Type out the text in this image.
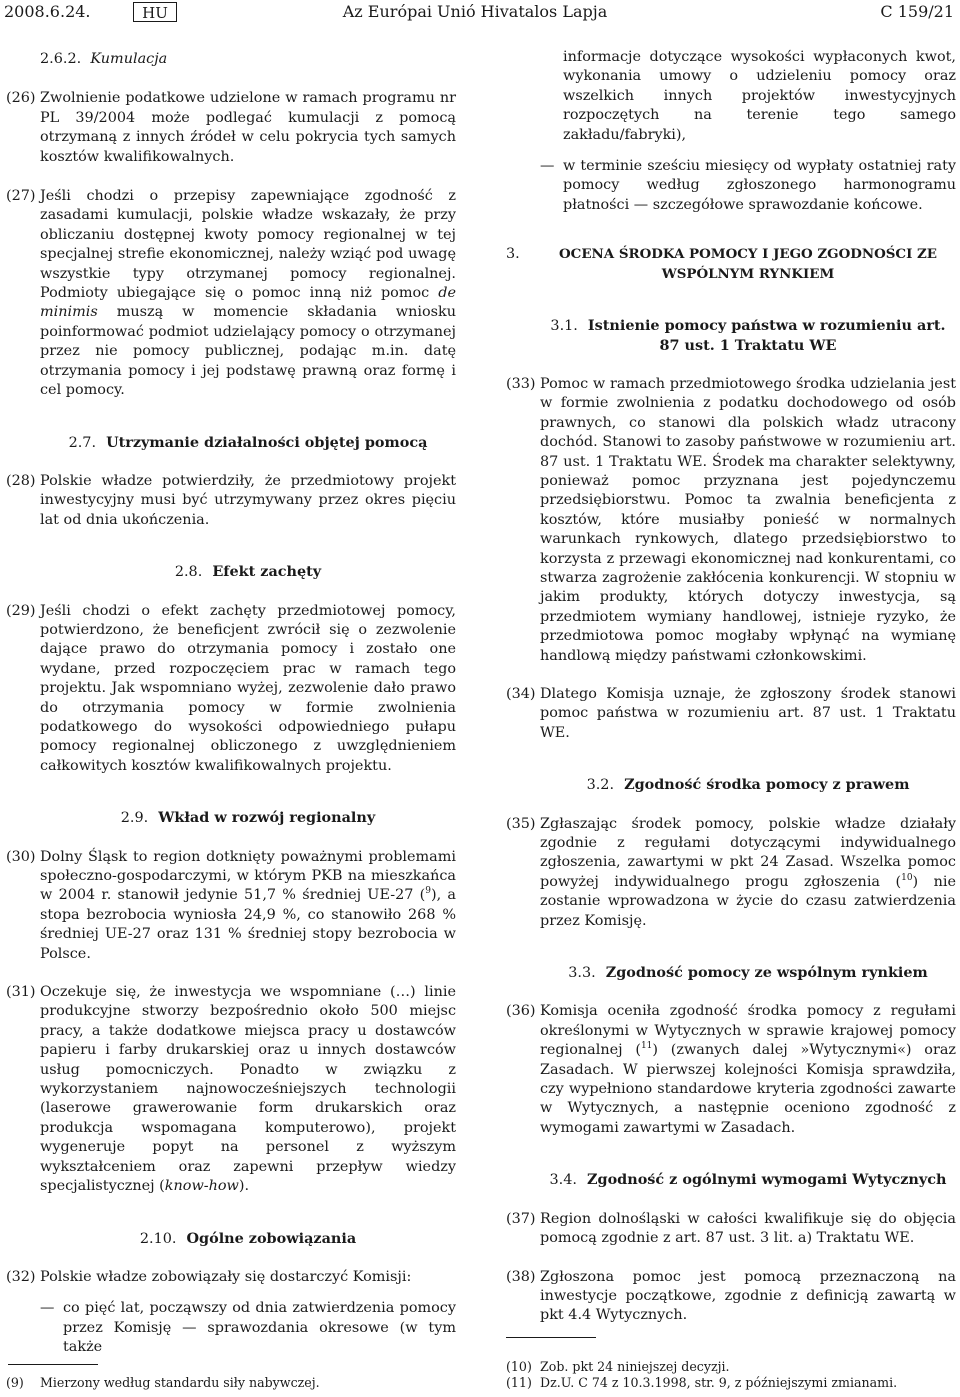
2008.6.24.	HU	Az Európai Unió Hivatalos Lapja	C 159/21
2.6.2. Kumulacja
(26) Zwolnienie podatkowe udzielone w ramach programu nr PL 39/2004 może podlegać kumulacji z pomocą otrzymaną z innych źródeł w celu pokrycia tych samych kosztów kwalifikowalnych.
(27) Jeśli chodzi o przepisy zapewniające zgodność z zasadami kumulacji, polskie władze wskazały, że przy obliczaniu dostępnej kwoty pomocy regionalnej w tej specjalnej strefie ekonomicznej, należy wziąć pod uwagę wszystkie typy otrzymanej pomocy regionalnej. Podmioty ubiegające się o pomoc inną niż pomoc de minimis muszą w momencie składania wniosku poinformować podmiot udzielający pomocy o otrzymanej przez nie pomocy publicznej, podając m.in. datę otrzymania pomocy i jej podstawę prawną oraz formę i cel pomocy.
2.7. Utrzymanie działalności objętej pomocą
(28) Polskie władze potwierdziły, że przedmiotowy projekt inwestycyjny musi być utrzymywany przez okres pięciu lat od dnia ukończenia.
2.8. Efekt zachęty
(29) Jeśli chodzi o efekt zachęty przedmiotowej pomocy, potwierdzono, że beneficjent zwrócił się o zezwolenie dające prawo do otrzymania pomocy i zostało one wydane, przed rozpoczęciem prac w ramach tego projektu. Jak wspomniano wyżej, zezwolenie dało prawo do otrzymania pomocy w formie zwolnienia podatkowego do wysokości odpowiedniego pułapu pomocy regionalnej obliczonego z uwzględnieniem całkowitych kosztów kwalifikowalnych projektu.
2.9. Wkład w rozwój regionalny
(30) Dolny Śląsk to region dotknięty poważnymi problemami społeczno-gospodarczymi, w którym PKB na mieszkańca w 2004 r. stanowił jedynie 51,7 % średniej UE-27 ($^9$), a stopa bezrobocia wyniosła 24,9 %, co stanowiło 268 % średniej UE-27 oraz 131 % średniej stopy bezrobocia w Polsce.
(31) Oczekuje się, że inwestycja we wspomniane (…) linie produkcyjne stworzy bezpośrednio około 500 miejsc pracy, a także dodatkowe miejsca pracy u dostawców papieru i farby drukarskiej oraz u innych dostawców usług pomocniczych. Ponadto w związku z wykorzystaniem najnowocześniejszych technologii (laserowe grawerowanie form drukarskich oraz produkcja wspomagana komputerowo), projekt wygeneruje popyt na personel z wyższym wykształceniem oraz zapewni przepływ wiedzy specjalistycznej (know-how).
2.10. Ogólne zobowiązania
(32) Polskie władze zobowiązały się dostarczyć Komisji:
— co pięć lat, począwszy od dnia zatwierdzenia pomocy przez Komisję — sprawozdania okresowe (w tym także
(9)	Mierzony według standardu siły nabywczej.
informacje dotyczące wysokości wypłaconych kwot, wykonania umowy o udzieleniu pomocy oraz wszelkich innych projektów inwestycyjnych rozpoczętych na terenie tego samego zakładu/fabryki),
— w terminie sześciu miesięcy od wypłaty ostatniej raty pomocy według zgłoszonego harmonogramu płatności — szczegółowe sprawozdanie końcowe.
3.	OCENA ŚRODKA POMOCY I JEGO ZGODNOŚCI ZE WSPÓLNYM RYNKIEM
3.1. Istnienie pomocy państwa w rozumieniu art. 87 ust. 1 Traktatu WE
(33) Pomoc w ramach przedmiotowego środka udzielania jest w formie zwolnienia z podatku dochodowego od osób prawnych, co stanowi dla polskich władz utracony dochód. Stanowi to zasoby państwowe w rozumieniu art. 87 ust. 1 Traktatu WE. Środek ma charakter selektywny, ponieważ pomoc przyznana jest pojedynczemu przedsiębiorstwu. Pomoc ta zwalnia beneficjenta z kosztów, które musiałby ponieść w normalnych warunkach rynkowych, dlatego przedsiębiorstwo to korzysta z przewagi ekonomicznej nad konkurentami, co stwarza zagrożenie zakłócenia konkurencji. W stopniu w jakim produkty, których dotyczy inwestycja, są przedmiotem wymiany handlowej, istnieje ryzyko, że przedmiotowa pomoc mogłaby wpłynąć na wymianę handlową między państwami członkowskimi.
(34) Dlatego Komisja uznaje, że zgłoszony środek stanowi pomoc państwa w rozumieniu art. 87 ust. 1 Traktatu WE.
3.2. Zgodność środka pomocy z prawem
(35) Zgłaszając środek pomocy, polskie władze działały zgodnie z regułami dotyczącymi indywidualnego zgłoszenia, zawartymi w pkt 24 Zasad. Wszelka pomoc powyżej indywidualnego progu zgłoszenia ($^{10}$) nie zostanie wprowadzona w życie do czasu zatwierdzenia przez Komisję.
3.3. Zgodność pomocy ze wspólnym rynkiem
(36) Komisja oceniła zgodność środka pomocy z regułami określonymi w Wytycznych w sprawie krajowej pomocy regionalnej ($^{11}$) (zwanych dalej »Wytycznymi«) oraz Zasadach. W pierwszej kolejności Komisja sprawdziła, czy wypełniono standardowe kryteria zgodności zawarte w Wytycznych, a następnie oceniono zgodność z wymogami zawartymi w Zasadach.
3.4. Zgodność z ogólnymi wymogami Wytycznych
(37) Region dolnośląski w całości kwalifikuje się do objęcia pomocą zgodnie z art. 87 ust. 3 lit. a) Traktatu WE.
(38) Zgłoszona pomoc jest pomocą przeznaczoną na inwestycje początkowe, zgodnie z definicją zawartą w pkt 4.4 Wytycznych.
(10) Zob. pkt 24 niniejszej decyzji.
(11) Dz.U. C 74 z 10.3.1998, str. 9, z późniejszymi zmianami.
